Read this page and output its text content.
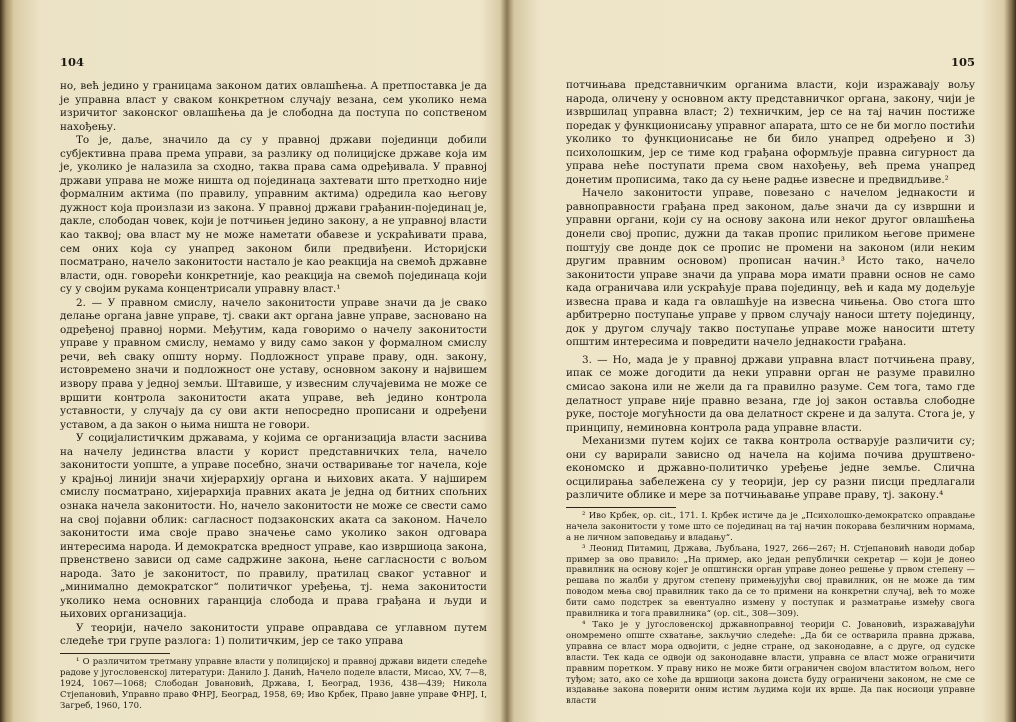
104

но, већ једино у границама законом датих овлашћења. А претпоставка је да је управна власт у сваком конкретном случају везана, сем уколико нема изричитог законског овлашћења да је слободна да поступа по сопственом нахођењу.

То је, даље, значило да су у правној држави појединци добили субјективна права према управи, за разлику од полицијске државе која им је, уколико је налазила за сходно, таква права сама одређивала. У правној држави управа не може ништа од појединаца захтевати што претходно није формалним актима (по правилу, управним актима) одредила као његову дужност која произлази из закона. У правној држави грађанин-појединац је, дакле, слободан човек, који је потчињен једино закону, а не управној власти као таквој; ова власт му не може наметати обавезе и ускраћивати права, сем оних која су унапред законом били предвиђени. Историјски посматрано, начело законитости настало је као реакција на свемоћ државне власти, одн. говорећи конкретније, као реакција на свемоћ појединаца који су у својим рукама концентрисали управну власт.¹

2. — У правном смислу, начело законитости управе значи да је свако делање органа јавне управе, тј. сваки акт органа јавне управе, засновано на одређеној правној норми. Међутим, када говоримо о начелу законитости управе у правном смислу, немамо у виду само закон у формалном смислу речи, већ сваку општу норму. Подложност управе праву, одн. закону, истовремено значи и подложност оне уставу, основном закону и највишем извору права у једној земљи. Штавише, у извесним случајевима не може се вршити контрола законитости аката управе, већ једино контрола уставности, у случају да су ови акти непосредно прописани и одређени уставом, а да закон о њима ништа не говори.

У социјалистичким државама, у којима се организација власти заснива на начелу јединства власти у корист представничких тела, начело законитости уопште, а управе посебно, значи остваривање тог начела, које у крајњој линији значи хијерархију органа и њихових аката. У најширем смислу посматрано, хијерархија правних аката је једна од битних спољних ознака начела законитости. Но, начело законитости не може се свести само на свој појавни облик: сагласност подзаконских аката са законом. Начело законитости има своје право значење само уколико закон одговара интересима народа. И демократска вредност управе, као извршиоца закона, првенствено зависи од саме садржине закона, њене сагласности с вољом народа. Зато је законитост, по правилу, пратилац сваког уставног и „минимално демократског“ политичког уређења, тј. нема законитости уколико нема основних гаранција слобода и права грађана и људи и њихових организација.

У теорији, начело законитости управе оправдава се углавном путем следеће три групе разлога: 1) политичким, јер се тако управа

¹ О различитом третману управне власти у полицијској и правној држави видети следеће радове у југословенској литератури: Данило J. Данић, Начело поделе власти, Мисао, XV, 7—8, 1924, 1067—1068; Слободан Јовановић, Држава, I, Београд, 1936, 438—439; Никола Стјепановић, Управно право ФНРЈ, Београд, 1958, 69; Иво Крбек, Право јавне управе ФНРЈ, I, Загреб, 1960, 170.

105

потчињава представничким органима власти, који изражавају вољу народа, оличену у основном акту представничког органа, закону, чији је извршилац управна власт; 2) техничким, јер се на тај начин постиже поредак у функционисању управног апарата, што се не би могло постићи уколико то функционисање не би било унапред одређено и 3) психолошким, јер се тиме код грађана оформљује правна сигурност да управа неће поступати према свом нахођењу, већ према унапред донетим прописима, тако да су њене радње извесне и предвидљиве.²

Начело законитости управе, повезано с начелом једнакости и равноправности грађана пред законом, даље значи да су извршни и управни органи, који су на основу закона или неког другог овлашћења донели свој пропис, дужни да такав пропис приликом његове примене поштују све донде док се пропис не промени на законом (или неким другим правним основом) прописан начин.³ Исто тако, начело законитости управе значи да управа мора имати правни основ не само када ограничава или ускраћује права појединцу, већ и када му додељује извесна права и када га овлашћује на извесна чињења. Ово стога што арбитрерно поступање управе у првом случају наноси штету појединцу, док у другом случају такво поступање управе може наносити штету општим интересима и повредити начело једнакости грађана.

3. — Но, мада је у правној држави управна власт потчињена праву, ипак се може догодити да неки управни орган не разуме правилно смисао закона или не жели да га правилно разуме. Сем тога, тамо где делатност управе није правно везана, где јој закон оставља слободне руке, постоје могућности да ова делатност скрене и да залута. Стога је, у принципу, неминовна контрола рада управне власти.

Механизми путем којих се таква контрола остварује различити су; они су варирали зависно од начела на којима почива друштвено-економско и државно-политичко уређење једне земље. Слична осцилирања забележена су у теорији, јер су разни писци предлагали различите облике и мере за потчињавање управе праву, тј. закону.⁴

² Иво Крбек, op. cit., 171. I. Крбек истиче да је „Психолошко-демократско оправдање начела законитости у томе што се појединац на тај начин покорава безличним нормама, а не личном заповедању и владању“.

³ Леонид Питамиц, Држава, Љубљана, 1927, 266—267; Н. Стјепановић наводи добар пример за ово правило: „На пример, ако један републички секретар — који је донео правилник на основу којег је општински орган управе донео решење у првом степену — решава по жалби у другом степену примењујући свој правилник, он не може да тим поводом мења свој правилник тако да се то примени на конкретни случај, већ то може бити само подстрек за евентуално измену у поступак и разматрање између свога правилника и тога правилника“ (op. cit., 308—309).

⁴ Тако је у југословенској државноправној теорији С. Јовановић, изражавајући ономремено опште схватање, закључио следеће: „Да би се остварила правна држава, управна се власт мора одвојити, с једне стране, од законодавне, а с друге, од судске власти. Тек када се одвоји од законодавне власти, управна се власт може ограничити правним поретком. У праву нико не може бити ограничен својом властитом вољом, него туђом; зато, ако се хоће да вршиоци закона доиста буду ограничени законом, не сме се издавање закона поверити оним истим људима који их врше. Да пак носиоци управне власти
